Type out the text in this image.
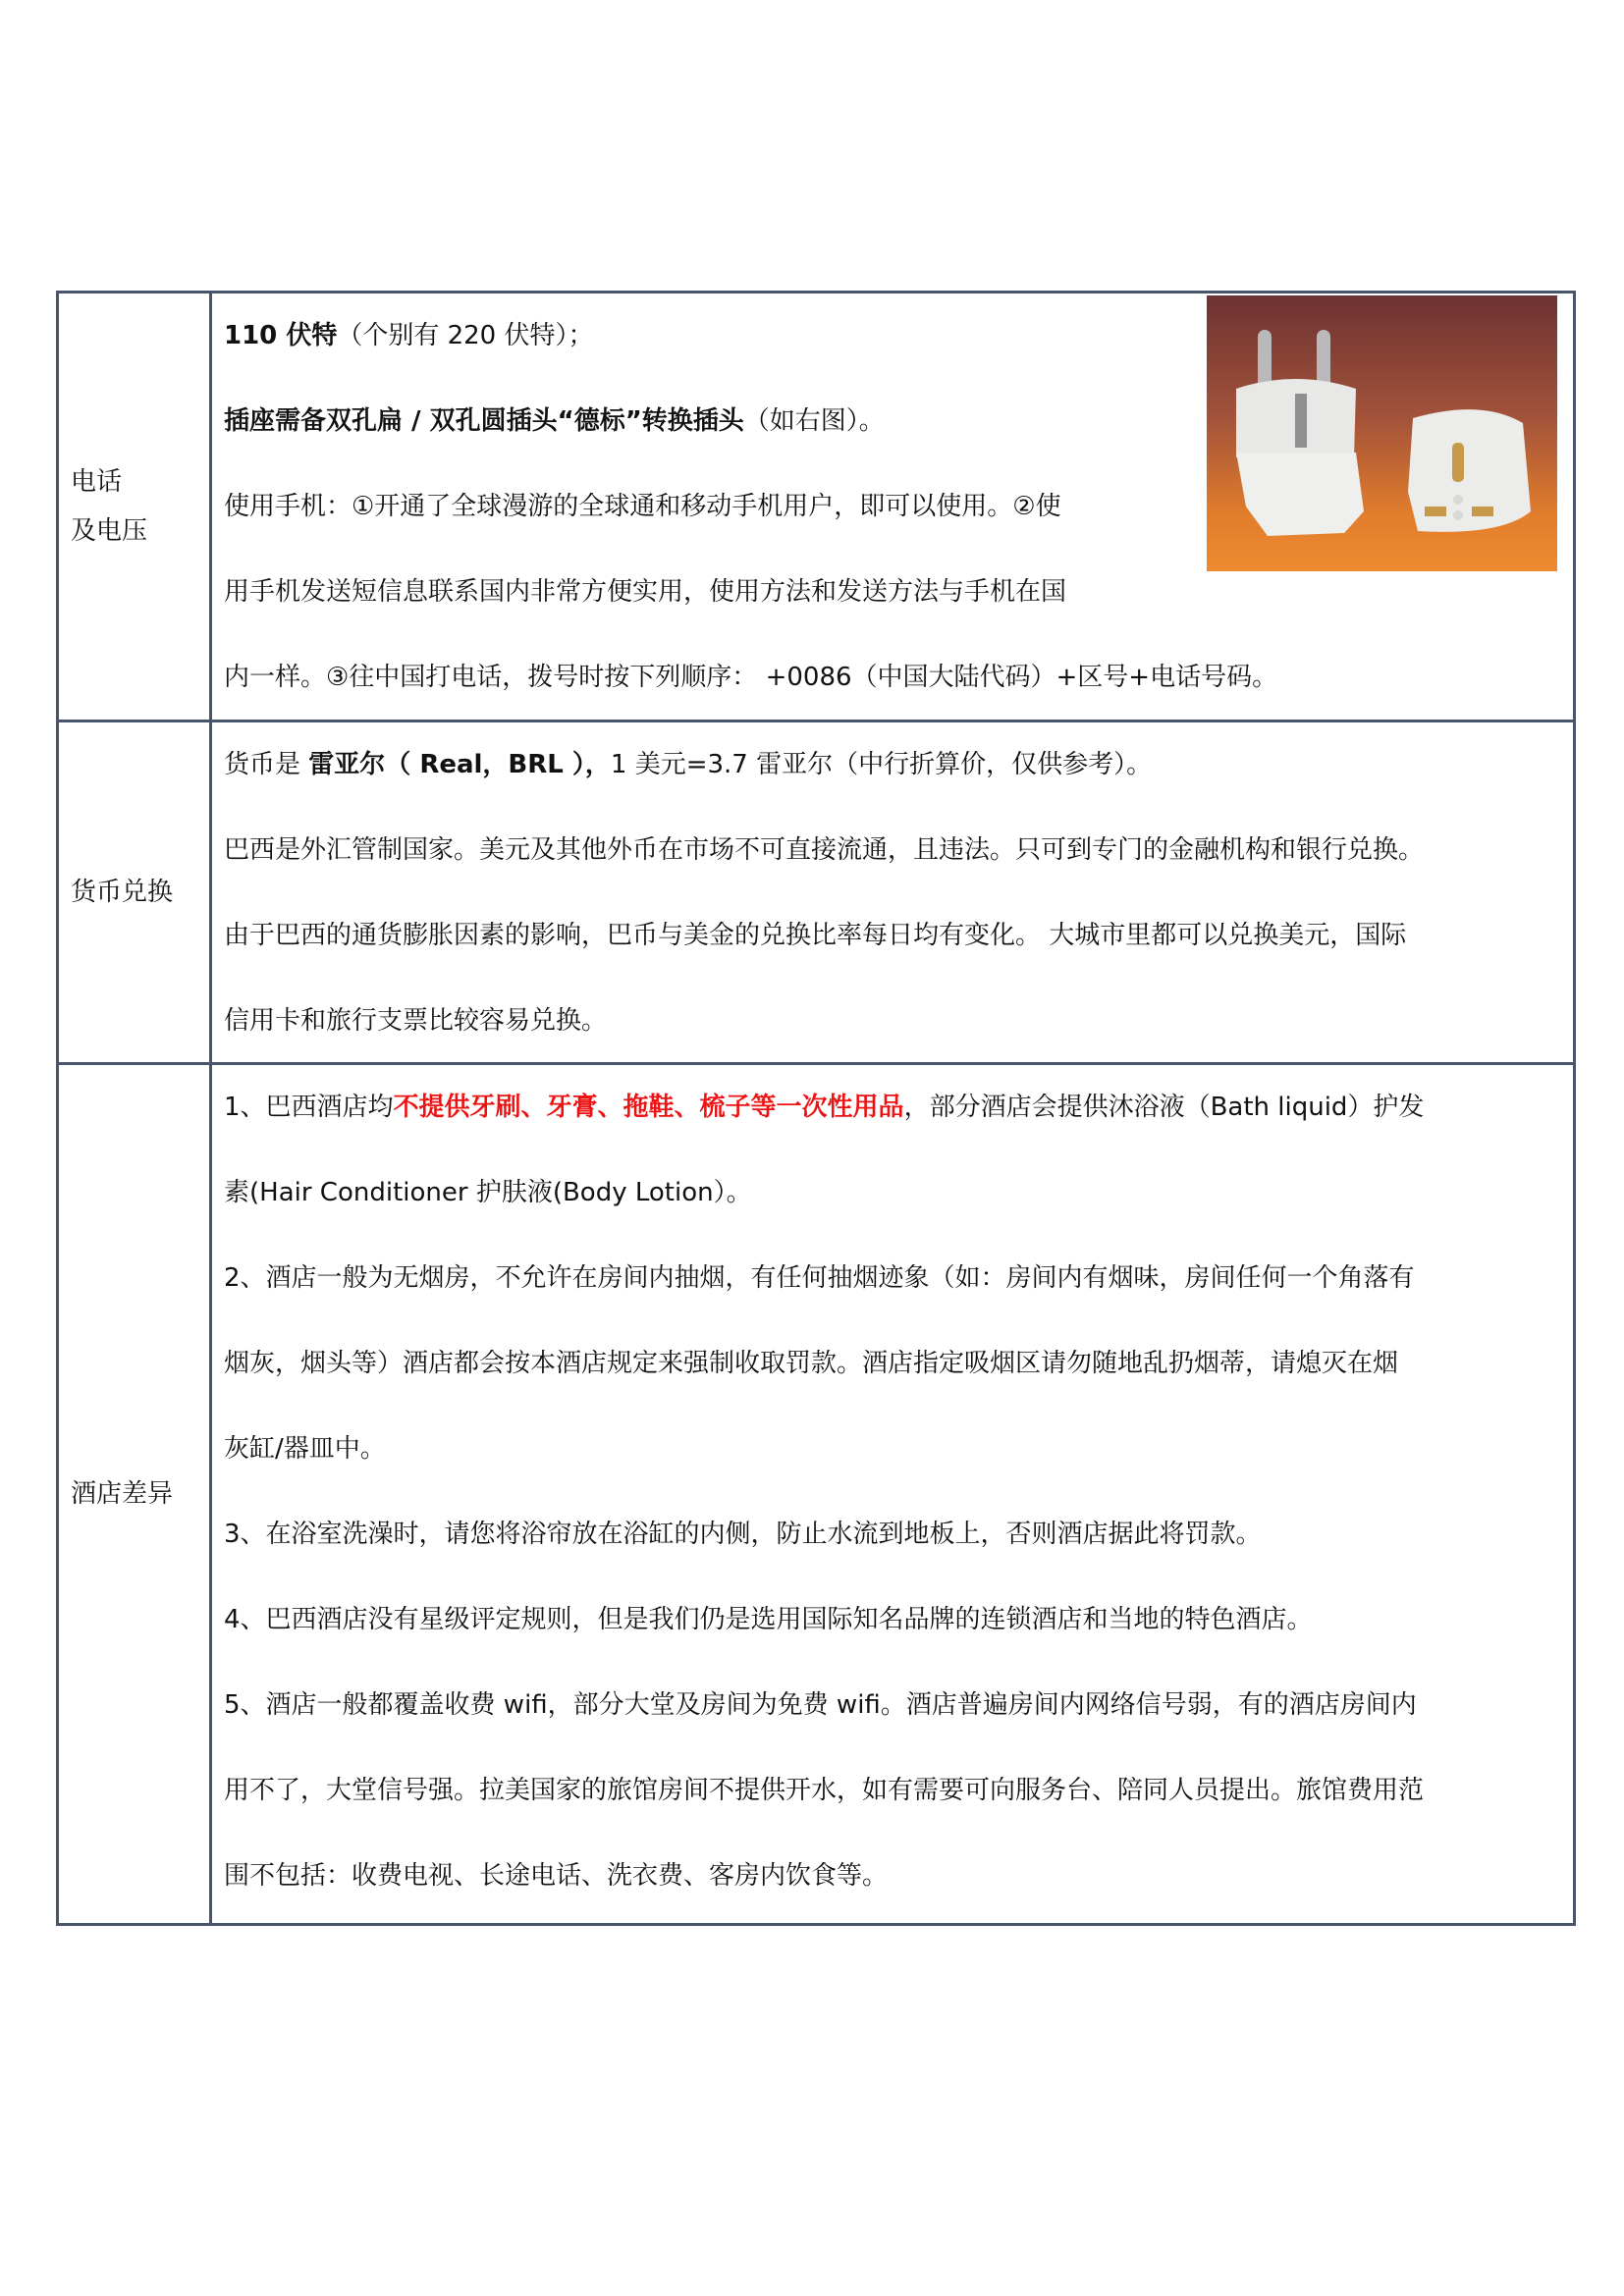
电话
及电压

110 伏特（个别有 220 伏特）；

插座需备双孔扁 / 双孔圆插头“德标”转换插头（如右图）。

使用手机：①开通了全球漫游的全球通和移动手机用户，即可以使用。②使

用手机发送短信息联系国内非常方便实用，使用方法和发送方法与手机在国

内一样。③往中国打电话，拨号时按下列顺序： +0086（中国大陆代码）+区号+电话号码。

货币兑换

货币是 雷亚尔（ Real，BRL ），1 美元=3.7 雷亚尔（中行折算价，仅供参考）。

巴西是外汇管制国家。美元及其他外币在市场不可直接流通，且违法。只可到专门的金融机构和银行兑换。

由于巴西的通货膨胀因素的影响，巴币与美金的兑换比率每日均有变化。 大城市里都可以兑换美元，国际

信用卡和旅行支票比较容易兑换。

酒店差异

1、巴西酒店均不提供牙刷、牙膏、拖鞋、梳子等一次性用品，部分酒店会提供沐浴液（Bath liquid）护发

素(Hair Conditioner 护肤液(Body Lotion）。

2、酒店一般为无烟房，不允许在房间内抽烟，有任何抽烟迹象（如：房间内有烟味，房间任何一个角落有

烟灰，烟头等）酒店都会按本酒店规定来强制收取罚款。酒店指定吸烟区请勿随地乱扔烟蒂，请熄灭在烟

灰缸/器皿中。

3、在浴室洗澡时，请您将浴帘放在浴缸的内侧，防止水流到地板上，否则酒店据此将罚款。

4、巴西酒店没有星级评定规则，但是我们仍是选用国际知名品牌的连锁酒店和当地的特色酒店。

5、酒店一般都覆盖收费 wifi，部分大堂及房间为免费 wifi。酒店普遍房间内网络信号弱，有的酒店房间内

用不了，大堂信号强。拉美国家的旅馆房间不提供开水，如有需要可向服务台、陪同人员提出。旅馆费用范

围不包括：收费电视、长途电话、洗衣费、客房内饮食等。
